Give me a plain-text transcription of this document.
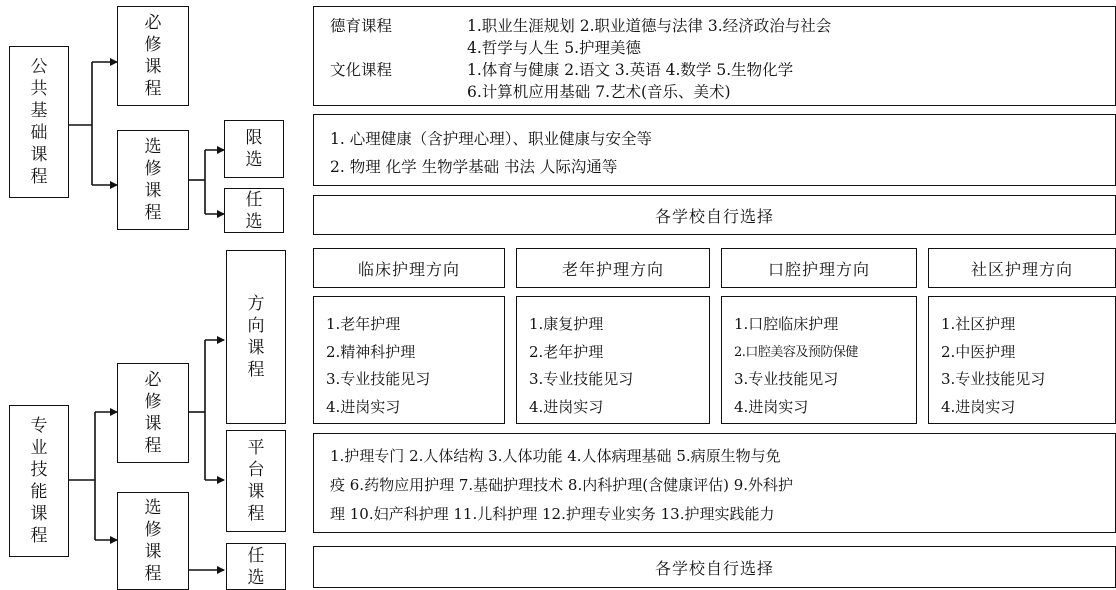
公共基础课程
必修课程
选修课程
限选
任选
德育课程	1.职业生涯规划 2.职业道德与法律 3.经济政治与社会
4.哲学与人生 5.护理美德
文化课程	1.体育与健康 2.语文 3.英语 4.数学 5.生物化学
6.计算机应用基础 7.艺术(音乐、美术)
1. 心理健康（含护理心理）、职业健康与安全等
2. 物理 化学 生物学基础 书法 人际沟通等
各学校自行选择
专业技能课程
必修课程
选修课程
方向课程
平台课程
任选
临床护理方向	老年护理方向	口腔护理方向	社区护理方向
1.老年护理
2.精神科护理
3.专业技能见习
4.进岗实习
1.康复护理
2.老年护理
3.专业技能见习
4.进岗实习
1.口腔临床护理
2.口腔美容及预防保健
3.专业技能见习
4.进岗实习
1.社区护理
2.中医护理
3.专业技能见习
4.进岗实习
1.护理专门 2.人体结构 3.人体功能 4.人体病理基础 5.病原生物与免
疫 6.药物应用护理 7.基础护理技术 8.内科护理(含健康评估) 9.外科护
理 10.妇产科护理 11.儿科护理 12.护理专业实务 13.护理实践能力
各学校自行选择
